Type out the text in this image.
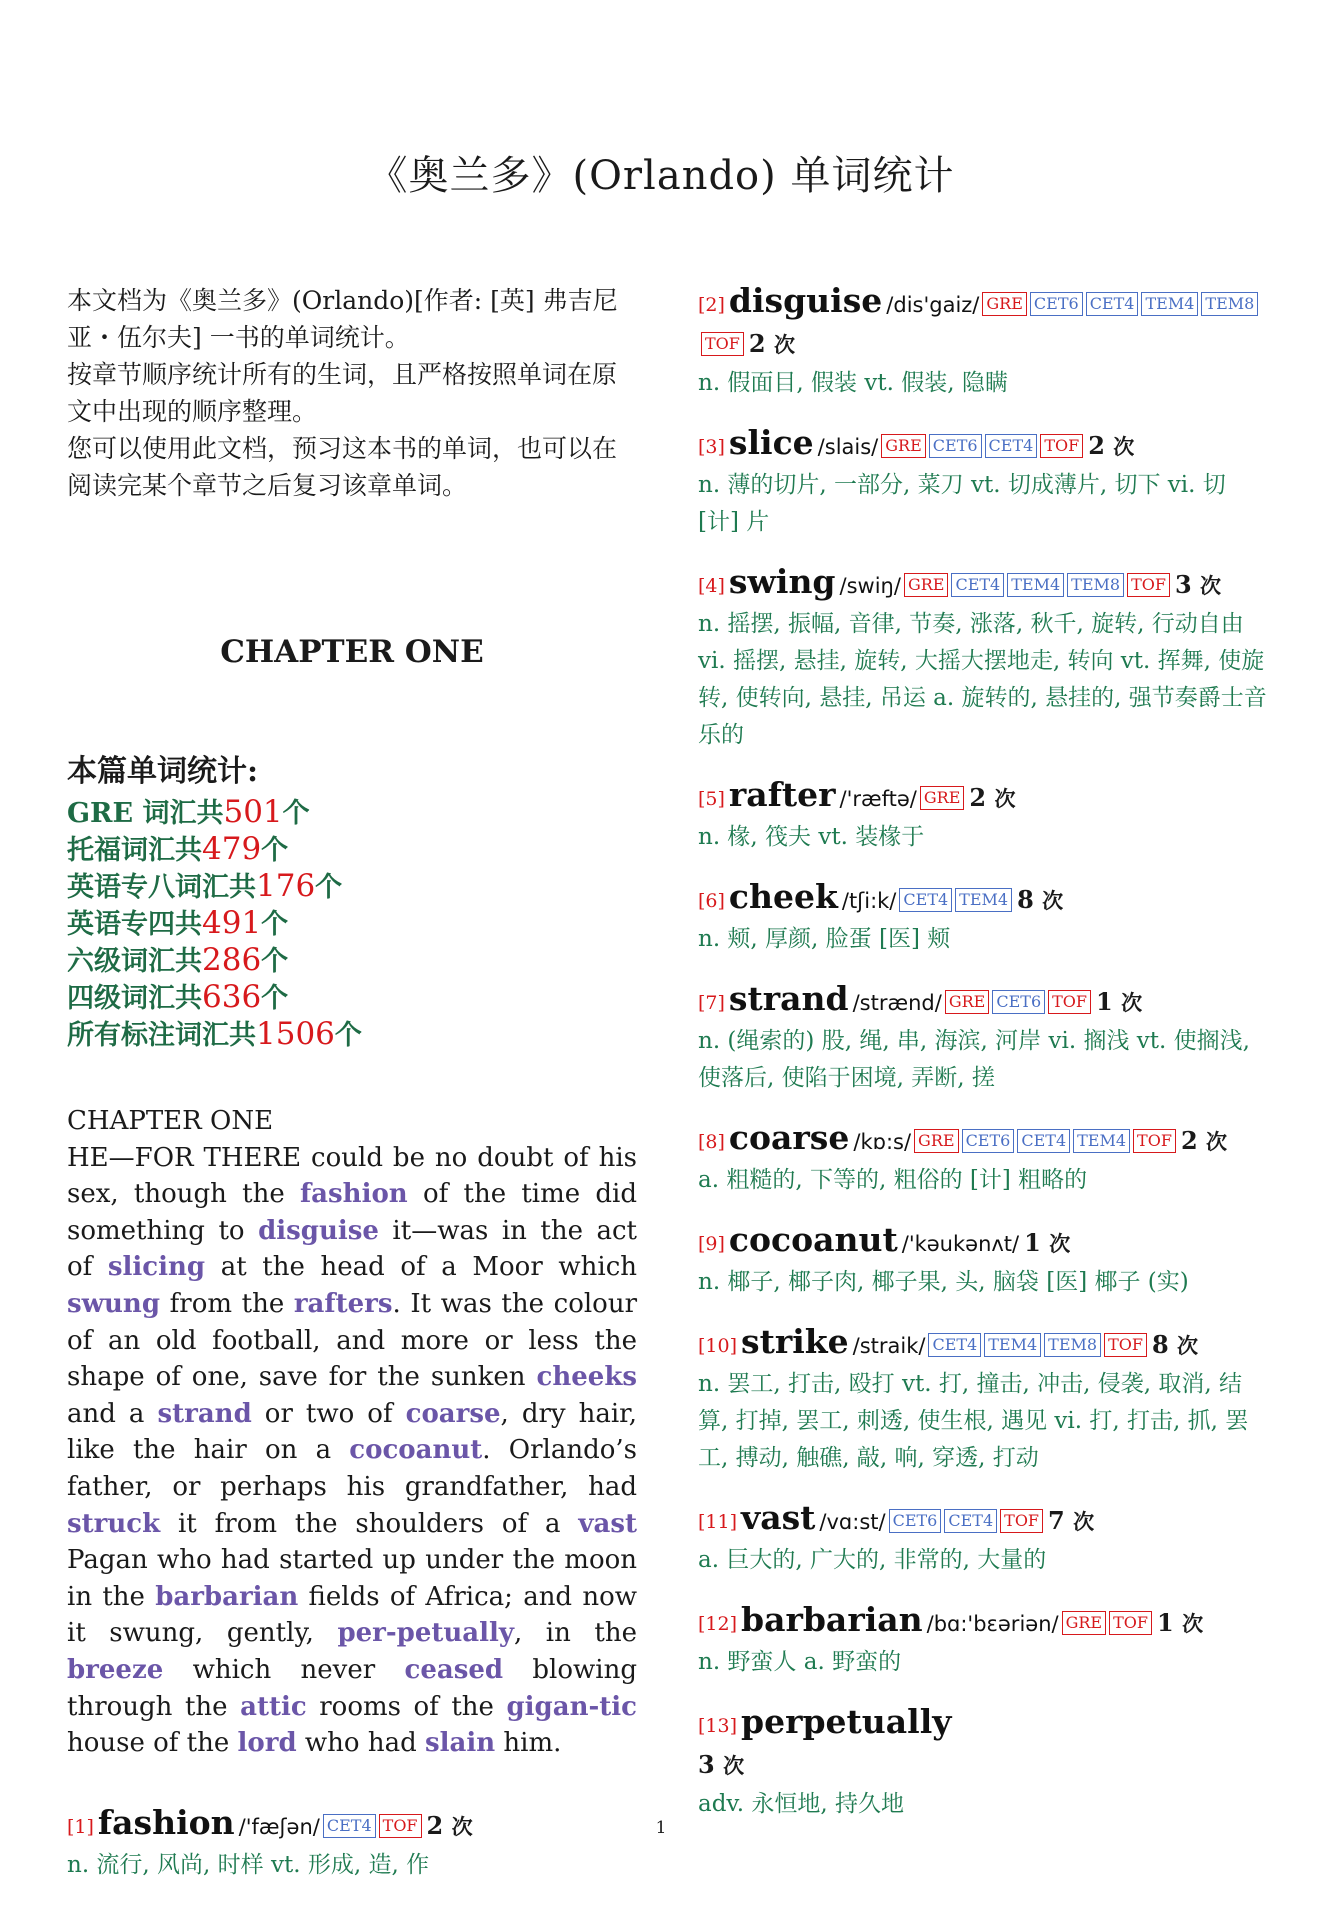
《奥兰多》(Orlando) 单词统计

本文档为《奥兰多》(Orlando)[作者: [英] 弗吉尼亚・伍尔夫] 一书的单词统计。

按章节顺序统计所有的生词，且严格按照单词在原文中出现的顺序整理。

您可以使用此文档，预习这本书的单词，也可以在阅读完某个章节之后复习该章单词。

CHAPTER ONE
本篇单词统计:
GRE 词汇共501个
托福词汇共479个
英语专八词汇共176个
英语专四共491个
六级词汇共286个
四级词汇共636个
所有标注词汇共1506个
CHAPTER ONE
HE—FOR THERE could be no doubt of his sex, though the fashion of the time did something to disguise it—was in the act of slicing at the head of a Moor which swung from the rafters. It was the colour of an old football, and more or less the shape of one, save for the sunken cheeks and a strand or two of coarse, dry hair, like the hair on a cocoanut. Orlando’s father, or perhaps his grandfather, had struck it from the shoulders of a vast Pagan who had started up under the moon in the barbarian fields of Africa; and now it swung, gently, per-petually, in the breeze which never ceased blowing through the attic rooms of the gigan-tic house of the lord who had slain him.
[1] fashion /'fæʃən/ CET4 TOF 2 次
n. 流行, 风尚, 时样 vt. 形成, 造, 作
[2] disguise /dis'gaiz/ GRE CET6 CET4 TEM4 TEM8TOF 2 次
n. 假面目, 假装 vt. 假装, 隐瞒
[3] slice /slais/ GRE CET6 CET4 TOF 2 次
n. 薄的切片, 一部分, 菜刀 vt. 切成薄片, 切下 vi. 切 [计] 片
[4] swing /swiŋ/ GRE CET4 TEM4 TEM8 TOF 3 次
n. 摇摆, 振幅, 音律, 节奏, 涨落, 秋千, 旋转, 行动自由 vi. 摇摆, 悬挂, 旋转, 大摇大摆地走, 转向 vt. 挥舞, 使旋转, 使转向, 悬挂, 吊运 a. 旋转的, 悬挂的, 强节奏爵士音乐的
[5] rafter /'ræftə/ GRE 2 次
n. 椽, 筏夫 vt. 装椽于
[6] cheek /tʃi:k/ CET4 TEM4 8 次
n. 颊, 厚颜, 脸蛋 [医] 颊
[7] strand /strænd/ GRE CET6 TOF 1 次
n. (绳索的) 股, 绳, 串, 海滨, 河岸 vi. 搁浅 vt. 使搁浅, 使落后, 使陷于困境, 弄断, 搓
[8] coarse /kɒ:s/ GRE CET6 CET4 TEM4 TOF 2 次
a. 粗糙的, 下等的, 粗俗的 [计] 粗略的
[9] cocoanut /'kəukənʌt/ 1 次
n. 椰子, 椰子肉, 椰子果, 头, 脑袋 [医] 椰子 (实)
[10] strike /straik/ CET4 TEM4 TEM8 TOF 8 次
n. 罢工, 打击, 殴打 vt. 打, 撞击, 冲击, 侵袭, 取消, 结算, 打掉, 罢工, 刺透, 使生根, 遇见 vi. 打, 打击, 抓, 罢工, 搏动, 触礁, 敲, 响, 穿透, 打动
[11] vast /vɑ:st/ CET6 CET4 TOF 7 次
a. 巨大的, 广大的, 非常的, 大量的
[12] barbarian /bɑ:'bɛəriən/ GRE TOF 1 次
n. 野蛮人 a. 野蛮的
[13] perpetually
3 次
adv. 永恒地, 持久地
1
